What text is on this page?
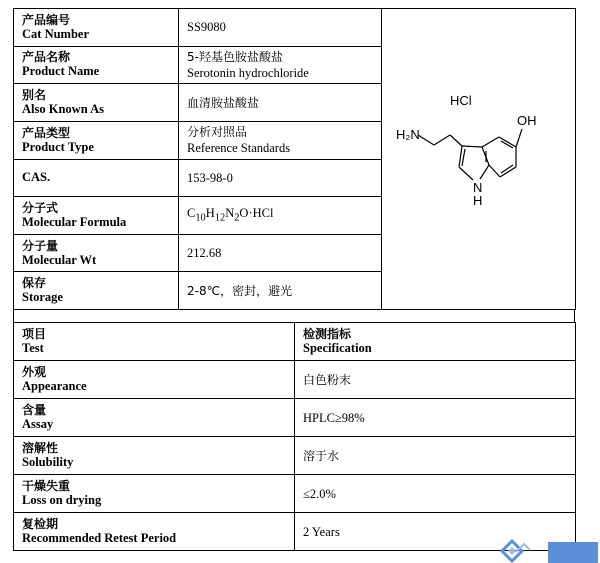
产品编号
Cat Number	SS9080	HCl
H₂N
OH
N
H

产品名称
Product Name	5-羟基色胺盐酸盐
Serotonin hydrochloride	

别名
Also Known As	血清胺盐酸盐	

产品类型
Product Type	分析对照品
Reference Standards	

CAS.	153-98-0	

分子式
Molecular Formula	$C_{10}H_{12}N_2O\cdot HCl$	

分子量
Molecular Wt	212.68	

保存
Storage	2-8℃，密封，避光	
项目
Test	检测指标
Specification

外观
Appearance	白色粉末

含量
Assay	HPLC≥98%

溶解性
Solubility	溶于水

干燥失重
Loss on drying	≤2.0%

复检期
Recommended Retest Period	2 Years
